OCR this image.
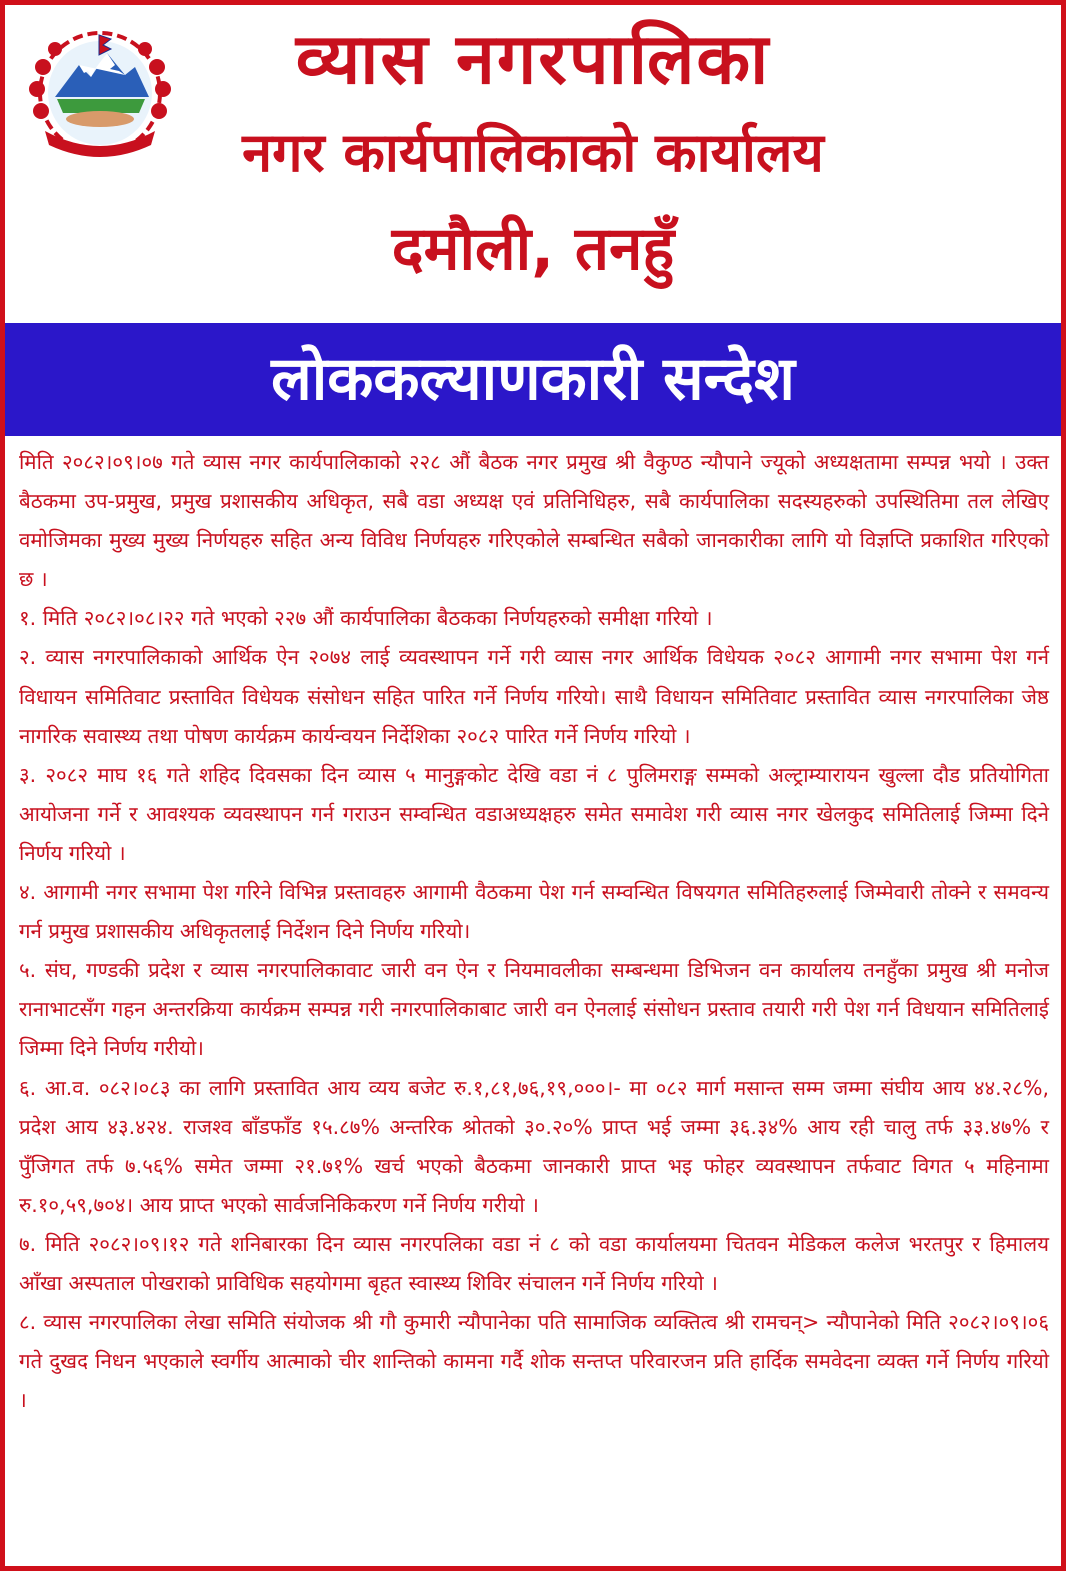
व्यास नगरपालिका
नगर कार्यपालिकाको कार्यालय
दमौली, तनहुँ
लोककल्याणकारी सन्देश

मिति २०८२।०९।०७ गते व्यास नगर कार्यपालिकाको २२८ औं बैठक नगर प्रमुख श्री वैकुण्ठ न्यौपाने ज्यूको अध्यक्षतामा सम्पन्न भयो । उक्त बैठकमा उप-प्रमुख, प्रमुख प्रशासकीय अधिकृत, सबै वडा अध्यक्ष एवं प्रतिनिधिहरु, सबै कार्यपालिका सदस्यहरुको उपस्थितिमा तल लेखिए वमोजिमका मुख्य मुख्य निर्णयहरु सहित अन्य विविध निर्णयहरु गरिएकोले सम्बन्धित सबैको जानकारीका लागि यो विज्ञप्ति प्रकाशित गरिएको छ ।

१. मिति २०८२।०८।२२ गते भएको २२७ औं कार्यपालिका बैठकका निर्णयहरुको समीक्षा गरियो ।

२. व्यास नगरपालिकाको आर्थिक ऐन २०७४ लाई व्यवस्थापन गर्ने गरी व्यास नगर आर्थिक विधेयक २०८२ आगामी नगर सभामा पेश गर्न विधायन समितिवाट प्रस्तावित विधेयक संसोधन सहित पारित गर्ने निर्णय गरियो। साथै विधायन समितिवाट प्रस्तावित व्यास नगरपालिका जेष्ठ नागरिक सवास्थ्य तथा पोषण कार्यक्रम कार्यन्वयन निर्देशिका २०८२ पारित गर्ने निर्णय गरियो ।

३. २०८२ माघ १६ गते शहिद दिवसका दिन व्यास ५ मानुङ्गकोट देखि वडा नं ८ पुलिमराङ्ग सम्मको अल्ट्राम्यारायन खुल्ला दौड प्रतियोगिता आयोजना गर्ने र आवश्यक व्यवस्थापन गर्न गराउन सम्वन्धित वडाअध्यक्षहरु समेत समावेश गरी व्यास नगर खेलकुद समितिलाई जिम्मा दिने निर्णय गरियो ।

४. आगामी नगर सभामा पेश गरिने विभिन्न प्रस्तावहरु आगामी वैठकमा पेश गर्न सम्वन्धित विषयगत समितिहरुलाई जिम्मेवारी तोक्ने र समवन्य गर्न प्रमुख प्रशासकीय अधिकृतलाई निर्देशन दिने निर्णय गरियो।

५. संघ, गण्डकी प्रदेश र व्यास नगरपालिकावाट जारी वन ऐन र नियमावलीका सम्बन्धमा डिभिजन वन कार्यालय तनहुँका प्रमुख श्री मनोज रानाभाटसँग गहन अन्तरक्रिया कार्यक्रम सम्पन्न गरी नगरपालिकाबाट जारी वन ऐनलाई संसोधन प्रस्ताव तयारी गरी पेश गर्न विधयान समितिलाई जिम्मा दिने निर्णय गरीयो।

६. आ.व. ०८२।०८३ का लागि प्रस्तावित आय व्यय बजेट रु.१,८१,७६,१९,०००।- मा ०८२ मार्ग मसान्त सम्म जम्मा संघीय आय ४४.२८%, प्रदेश आय ४३.४२४. राजश्व बाँडफाँड १५.८७% अन्तरिक श्रोतको ३०.२०% प्राप्त भई जम्मा ३६.३४% आय रही चालु तर्फ ३३.४७% र पुँजिगत तर्फ ७.५६% समेत जम्मा २१.७१% खर्च भएको बैठकमा जानकारी प्राप्त भइ फोहर व्यवस्थापन तर्फवाट विगत ५ महिनामा रु.१०,५९,७०४। आय प्राप्त भएको सार्वजनिकिकरण गर्ने निर्णय गरीयो ।

७. मिति २०८२।०९।१२ गते शनिबारका दिन व्यास नगरपलिका वडा नं ८ को वडा कार्यालयमा चितवन मेडिकल कलेज भरतपुर र हिमालय आँखा अस्पताल पोखराको प्राविधिक सहयोगमा बृहत स्वास्थ्य शिविर संचालन गर्ने निर्णय गरियो ।

८. व्यास नगरपालिका लेखा समिति संयोजक श्री गौ कुमारी न्यौपानेका पति सामाजिक व्यक्तित्व श्री रामचन्> न्यौपानेको मिति २०८२।०९।०६ गते दुखद निधन भएकाले स्वर्गीय आत्माको चीर शान्तिको कामना गर्दै शोक सन्तप्त परिवारजन प्रति हार्दिक समवेदना व्यक्त गर्ने निर्णय गरियो ।
